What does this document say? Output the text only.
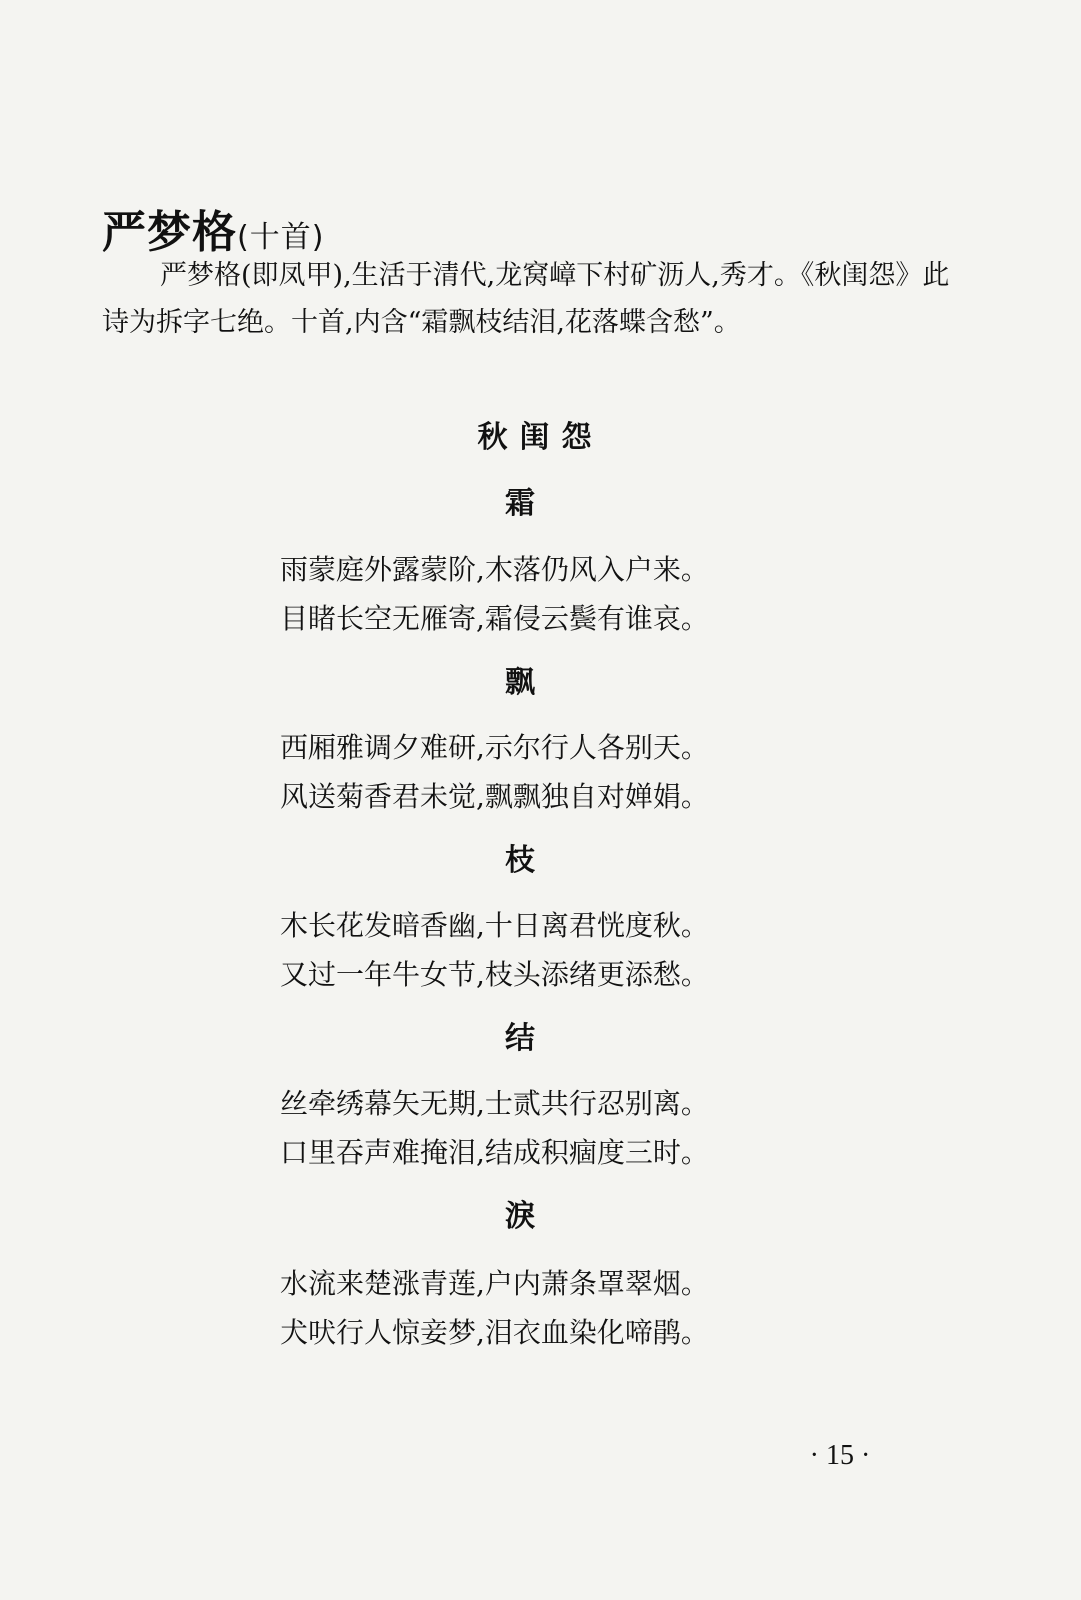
严梦格(十首)
严梦格(即凤甲),生活于清代,龙窝嶂下村矿沥人,秀才。《秋闺怨》此诗为拆字七绝。十首,内含“霜飘枝结泪,花落蝶含愁”。
秋闺怨
霜
雨蒙庭外露蒙阶,木落仍风入户来。
目睹长空无雁寄,霜侵云鬓有谁哀。
飘
西厢雅调夕难研,示尔行人各别天。
风送菊香君未觉,飘飘独自对婵娟。
枝
木长花发暗香幽,十日离君恍度秋。
又过一年牛女节,枝头添绪更添愁。
结
丝牵绣幕矢无期,士贰共行忍别离。
口里吞声难掩泪,结成积痼度三时。
淚
水流来楚涨青莲,户内萧条罩翠烟。
犬吠行人惊妾梦,泪衣血染化啼鹃。
· 15 ·
